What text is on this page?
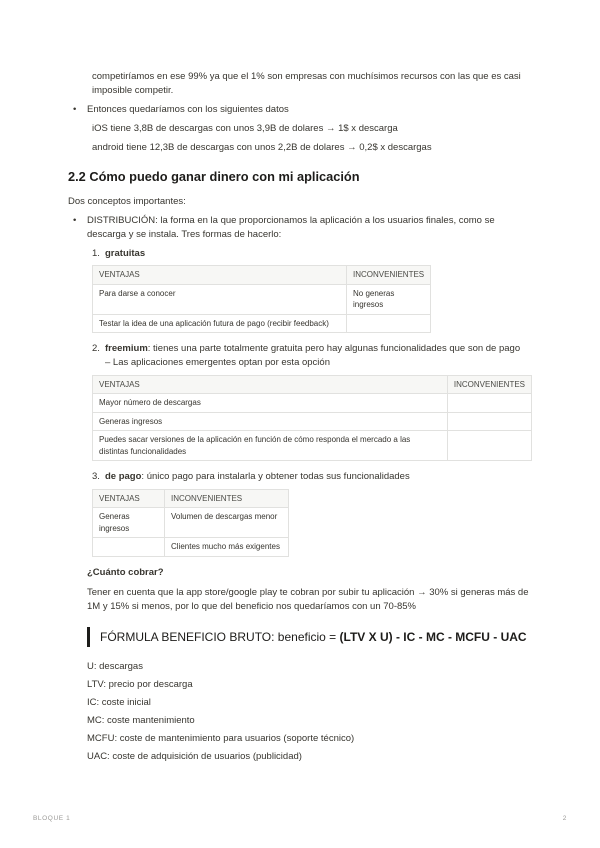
competiríamos en ese 99% ya que el 1% son empresas con muchísimos recursos con las que es casi imposible competir.

•
Entonces quedaríamos con los siguientes datos

iOS tiene 3,8B de descargas con unos 3,9B de dolares → 1$ x descarga

android tiene 12,3B de descargas con unos 2,2B de dolares → 0,2$ x descargas

2.2 Cómo puedo ganar dinero con mi aplicación

Dos conceptos importantes:

•
DISTRIBUCIÓN: la forma en la que proporcionamos la aplicación a los usuarios finales, como se descarga y se instala. Tres formas de hacerlo:
1. gratuitas
VENTAJAS	INCONVENIENTES
Para darse a conocer	No generas ingresos
Testar la idea de una aplicación futura de pago (recibir feedback)	
2. freemium: tienes una parte totalmente gratuita pero hay algunas funcionalidades que son de pago
– Las aplicaciones emergentes optan por esta opción
VENTAJAS	INCONVENIENTES
Mayor número de descargas	
Generas ingresos	
Puedes sacar versiones de la aplicación en función de cómo responda el mercado a las distintas funcionalidades	
3. de pago: único pago para instalarla y obtener todas sus funcionalidades
VENTAJAS	INCONVENIENTES
Generas ingresos	Volumen de descargas menor
	Clientes mucho más exigentes

¿Cuánto cobrar?

Tener en cuenta que la app store/google play te cobran por subir tu aplicación → 30% si generas más de 1M y 15% si menos, por lo que del beneficio nos quedaríamos con un 70-85%

FÓRMULA BENEFICIO BRUTO: beneficio = (LTV X U) - IC - MC - MCFU - UAC

U: descargas

LTV: precio por descarga

IC: coste inicial

MC: coste mantenimiento

MCFU: coste de mantenimiento para usuarios (soporte técnico)

UAC: coste de adquisición de usuarios (publicidad)

BLOQUE 1	2
